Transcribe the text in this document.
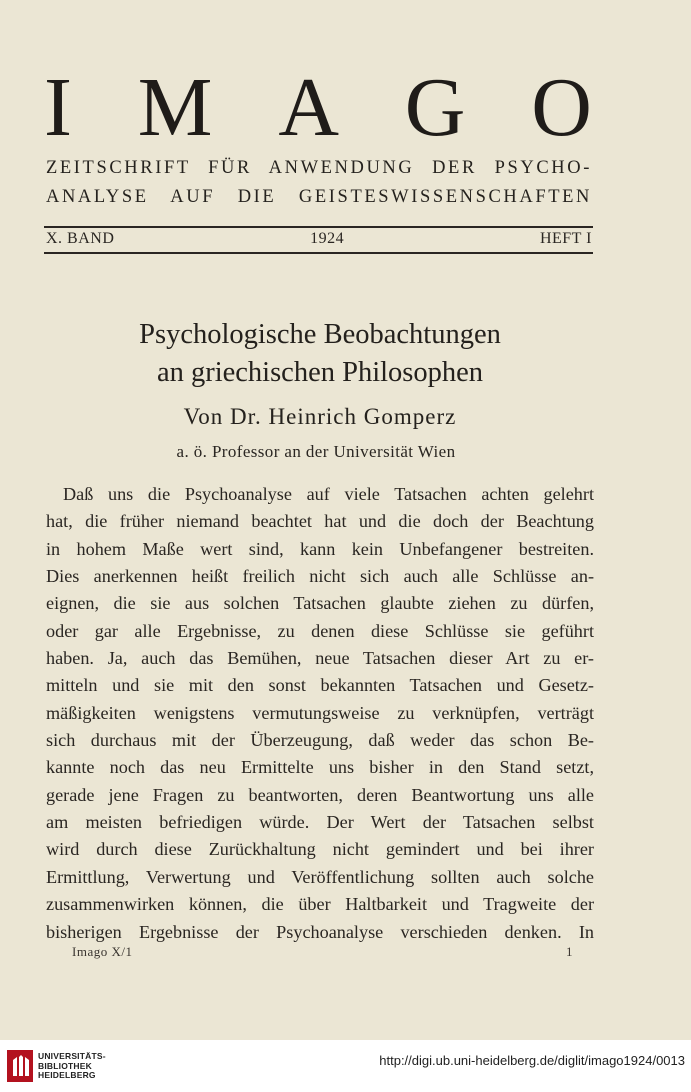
I M A G O
ZEITSCHRIFT FÜR ANWENDUNG DER PSYCHO-
ANALYSE AUF DIE GEISTESWISSENSCHAFTEN
X. BAND	1924	HEFT I
Psychologische Beobachtungen
an griechischen Philosophen
Von Dr. Heinrich Gomperz
a. ö. Professor an der Universität Wien
Daß uns die Psychoanalyse auf viele Tatsachen achten gelehrt
hat, die früher niemand beachtet hat und die doch der Beachtung
in hohem Maße wert sind, kann kein Unbefangener bestreiten.
Dies anerkennen heißt freilich nicht sich auch alle Schlüsse an-
eignen, die sie aus solchen Tatsachen glaubte ziehen zu dürfen,
oder gar alle Ergebnisse, zu denen diese Schlüsse sie geführt
haben. Ja, auch das Bemühen, neue Tatsachen dieser Art zu er-
mitteln und sie mit den sonst bekannten Tatsachen und Gesetz-
mäßigkeiten wenigstens vermutungsweise zu verknüpfen, verträgt
sich durchaus mit der Überzeugung, daß weder das schon Be-
kannte noch das neu Ermittelte uns bisher in den Stand setzt,
gerade jene Fragen zu beantworten, deren Beantwortung uns alle
am meisten befriedigen würde. Der Wert der Tatsachen selbst
wird durch diese Zurückhaltung nicht gemindert und bei ihrer
Ermittlung, Verwertung und Veröffentlichung sollten auch solche
zusammenwirken können, die über Haltbarkeit und Tragweite der
bisherigen Ergebnisse der Psychoanalyse verschieden denken. In
Imago X/1	1
UNIVERSITÄTS-
BIBLIOTHEK
HEIDELBERG
http://digi.ub.uni-heidelberg.de/diglit/imago1924/0013
